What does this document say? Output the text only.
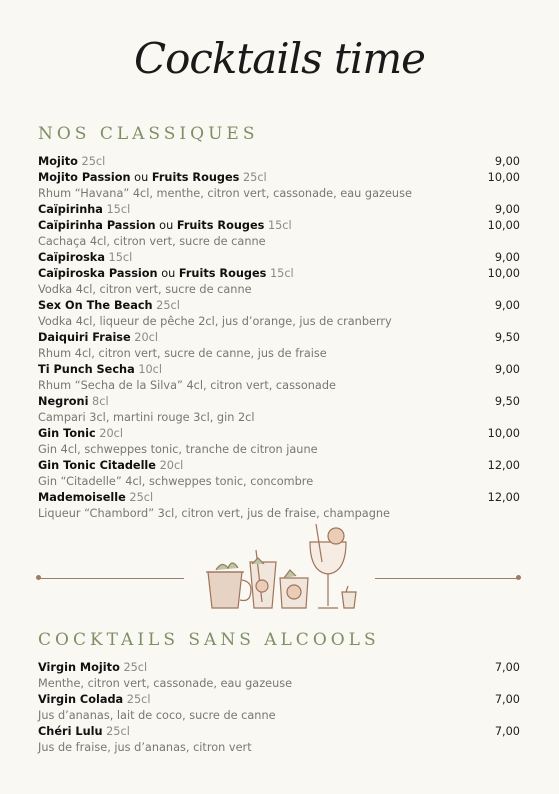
Cocktails time
NOS CLASSIQUES
Mojito 25cl	9,00
Mojito Passion ou Fruits Rouges 25cl	10,00
Rhum “Havana” 4cl, menthe, citron vert, cassonade, eau gazeuse
Caïpirinha 15cl	9,00
Caïpirinha Passion ou Fruits Rouges 15cl	10,00
Cachaça 4cl, citron vert, sucre de canne
Caïpiroska 15cl	9,00
Caïpiroska Passion ou Fruits Rouges 15cl	10,00
Vodka 4cl, citron vert, sucre de canne
Sex On The Beach 25cl	9,00
Vodka 4cl, liqueur de pêche 2cl, jus d’orange, jus de cranberry
Daiquiri Fraise 20cl	9,50
Rhum 4cl, citron vert, sucre de canne, jus de fraise
Ti Punch Secha 10cl	9,00
Rhum “Secha de la Silva” 4cl, citron vert, cassonade
Negroni 8cl	9,50
Campari 3cl, martini rouge 3cl, gin 2cl
Gin Tonic 20cl	10,00
Gin 4cl, schweppes tonic, tranche de citron jaune
Gin Tonic Citadelle 20cl	12,00
Gin “Citadelle” 4cl, schweppes tonic, concombre
Mademoiselle 25cl	12,00
Liqueur “Chambord” 3cl, citron vert, jus de fraise, champagne
COCKTAILS SANS ALCOOLS
Virgin Mojito 25cl	7,00
Menthe, citron vert, cassonade, eau gazeuse
Virgin Colada 25cl	7,00
Jus d’ananas, lait de coco, sucre de canne
Chéri Lulu 25cl	7,00
Jus de fraise, jus d’ananas, citron vert
